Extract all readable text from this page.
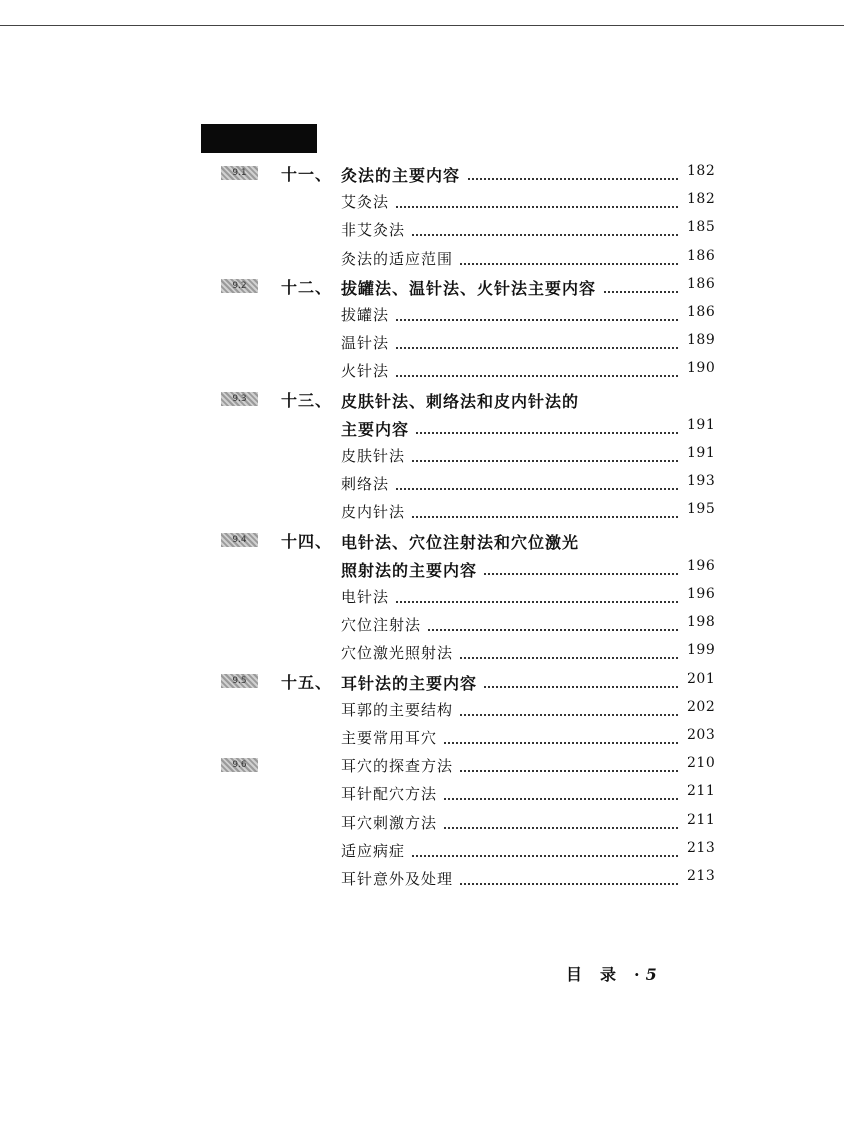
9.1	十一、 灸法的主要内容	182
艾灸法	182
非艾灸法	185
灸法的适应范围	186
9.2	十二、 拔罐法、温针法、火针法主要内容	186
拔罐法	186
温针法	189
火针法	190
9.3	十三、 皮肤针法、刺络法和皮内针法的
主要内容	191
皮肤针法	191
刺络法	193
皮内针法	195
9.4	十四、 电针法、穴位注射法和穴位激光
照射法的主要内容	196
电针法	196
穴位注射法	198
穴位激光照射法	199
9.5	十五、 耳针法的主要内容	201
耳郭的主要结构	202
主要常用耳穴	203
9.6	耳穴的探查方法	210
耳针配穴方法	211
耳穴刺激方法	211
适应病症	213
耳针意外及处理	213
目录· 5
